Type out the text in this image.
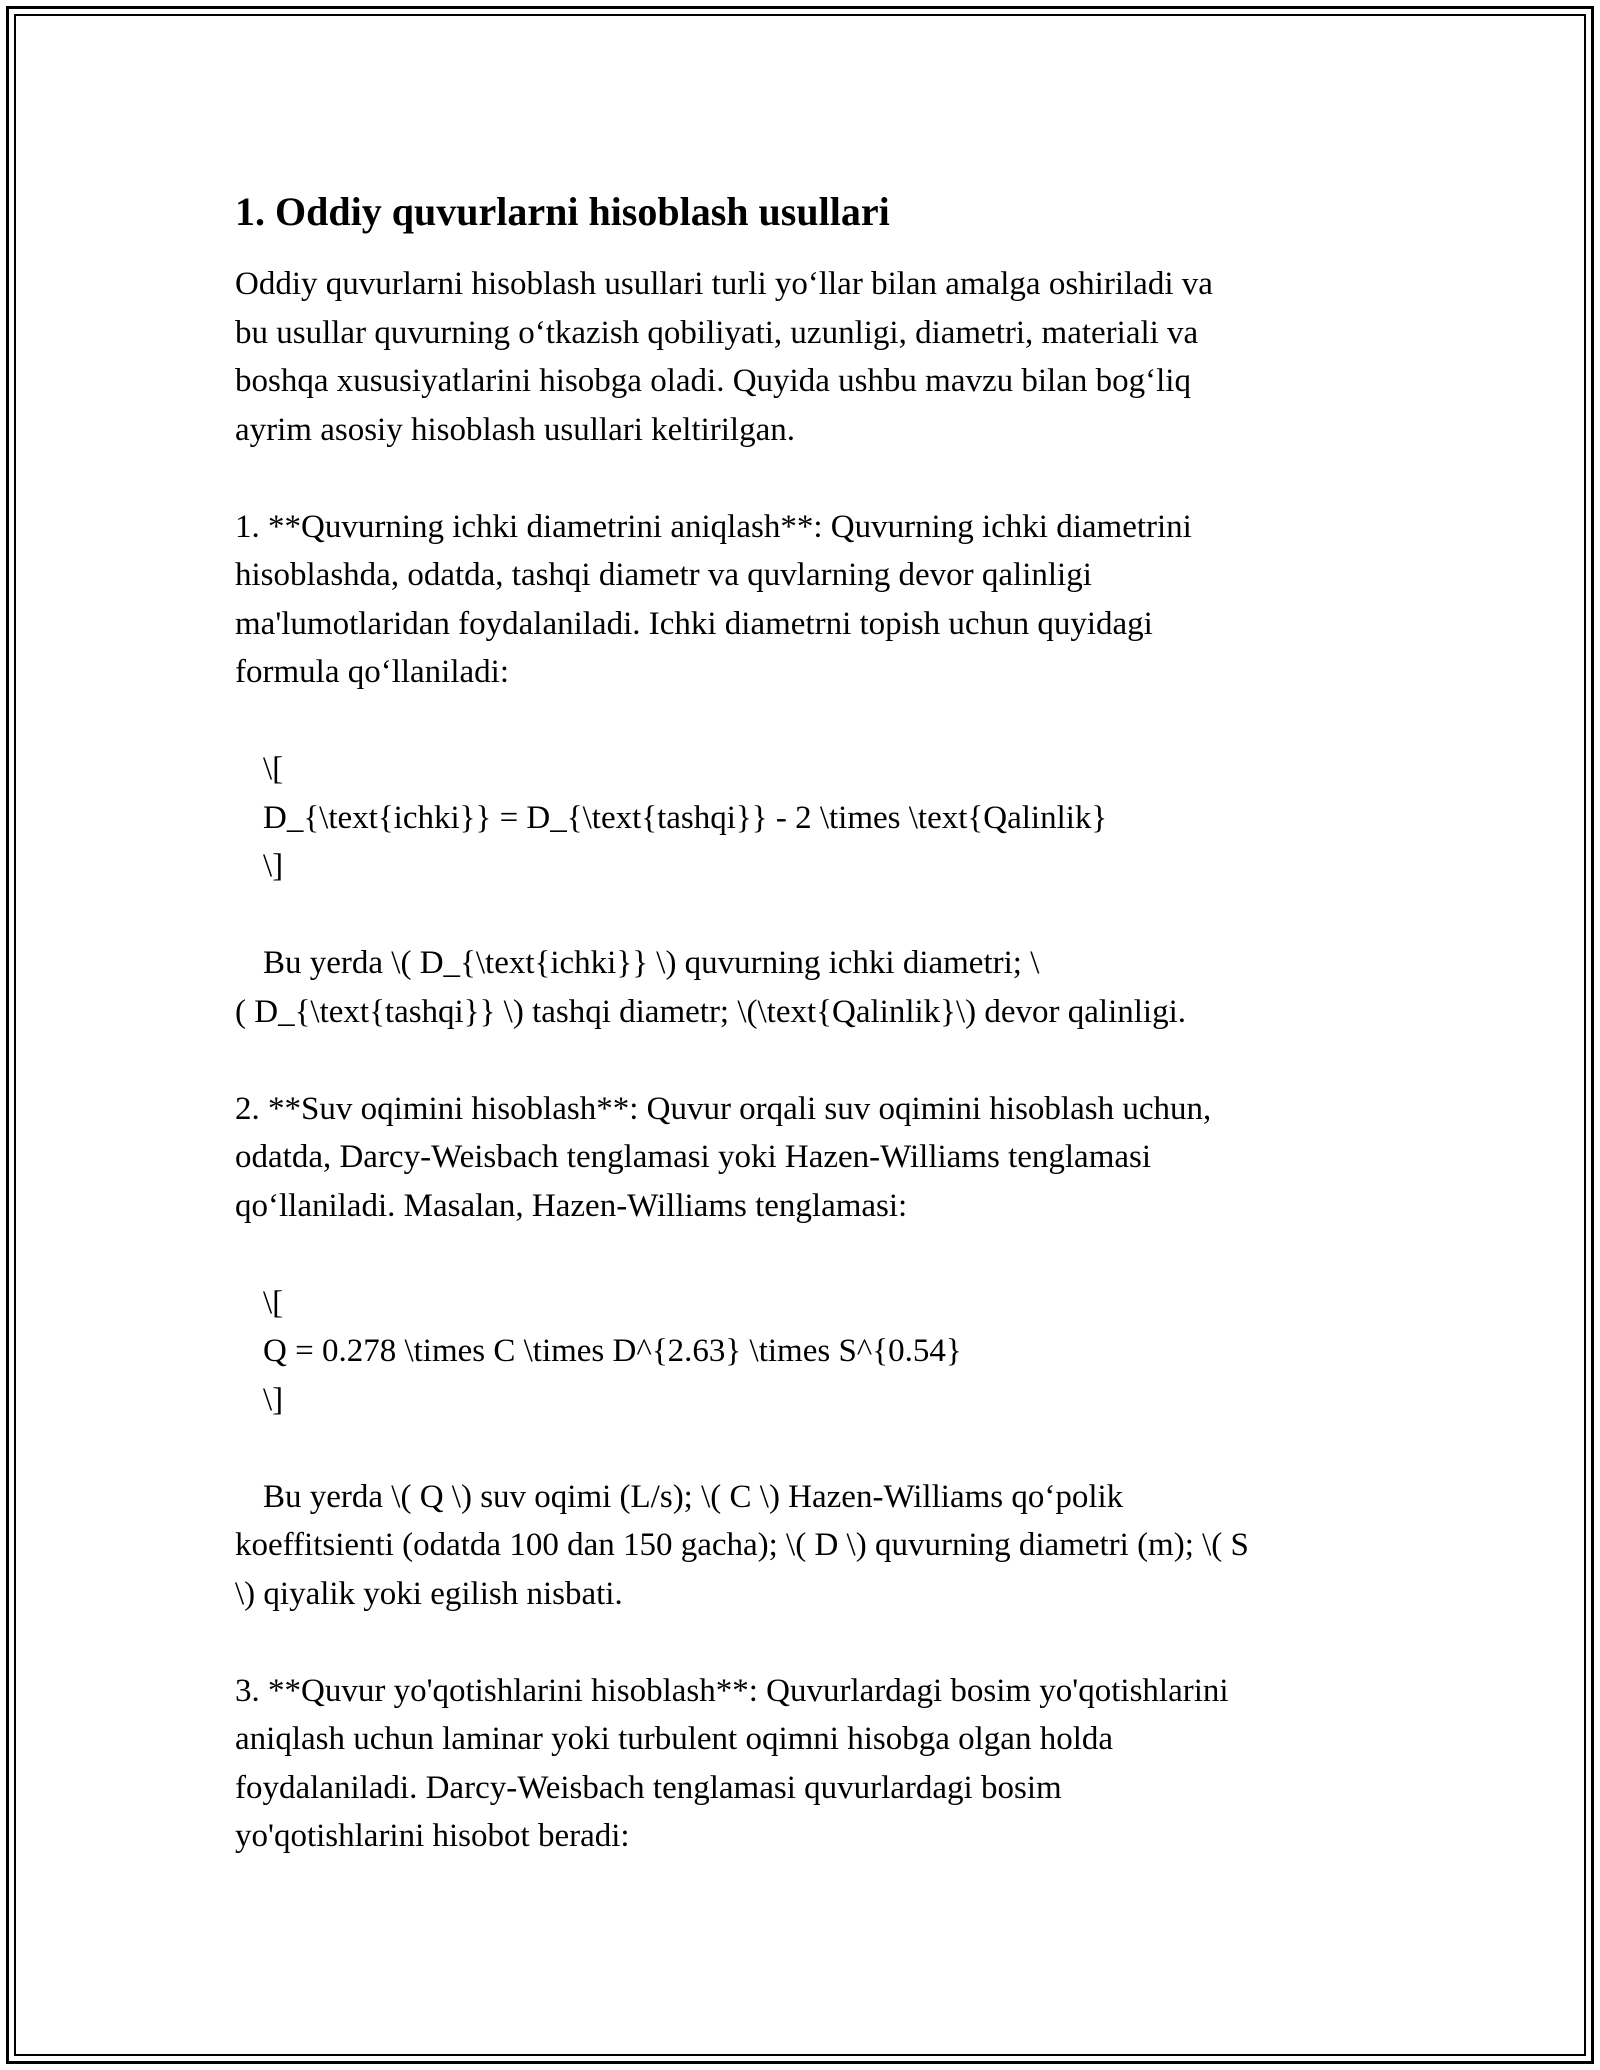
1. Oddiy quvurlarni hisoblash usullari
Oddiy quvurlarni hisoblash usullari turli yo‘llar bilan amalga oshiriladi va
bu usullar quvurning o‘tkazish qobiliyati, uzunligi, diametri, materiali va
boshqa xususiyatlarini hisobga oladi. Quyida ushbu mavzu bilan bog‘liq
ayrim asosiy hisoblash usullari keltirilgan.
1. **Quvurning ichki diametrini aniqlash**: Quvurning ichki diametrini
hisoblashda, odatda, tashqi diametr va quvlarning devor qalinligi
ma'lumotlaridan foydalaniladi. Ichki diametrni topish uchun quyidagi
formula qo‘llaniladi:
\[
D_{\text{ichki}} = D_{\text{tashqi}} - 2 \times \text{Qalinlik}
\]
Bu yerda \( D_{\text{ichki}} \) quvurning ichki diametri; \
( D_{\text{tashqi}} \) tashqi diametr; \(\text{Qalinlik}\) devor qalinligi.
2. **Suv oqimini hisoblash**: Quvur orqali suv oqimini hisoblash uchun,
odatda, Darcy-Weisbach tenglamasi yoki Hazen-Williams tenglamasi
qo‘llaniladi. Masalan, Hazen-Williams tenglamasi:
\[
Q = 0.278 \times C \times D^{2.63} \times S^{0.54}
\]
Bu yerda \( Q \) suv oqimi (L/s); \( C \) Hazen-Williams qo‘polik
koeffitsienti (odatda 100 dan 150 gacha); \( D \) quvurning diametri (m); \( S
\) qiyalik yoki egilish nisbati.
3. **Quvur yo'qotishlarini hisoblash**: Quvurlardagi bosim yo'qotishlarini
aniqlash uchun laminar yoki turbulent oqimni hisobga olgan holda
foydalaniladi. Darcy-Weisbach tenglamasi quvurlardagi bosim
yo'qotishlarini hisobot beradi:
